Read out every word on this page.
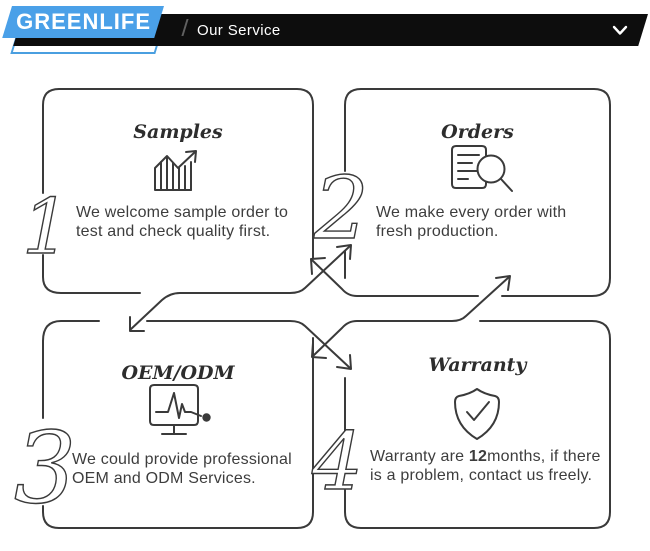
GREENLIFE	Our Service
1	2
3	4
Samples	Orders
OEM/ODM	Warranty
We welcome sample order to
test and check quality first.
We make every order with
fresh production.
We could provide professional
OEM and ODM Services.
Warranty are 12months, if there
is a problem, contact us freely.
